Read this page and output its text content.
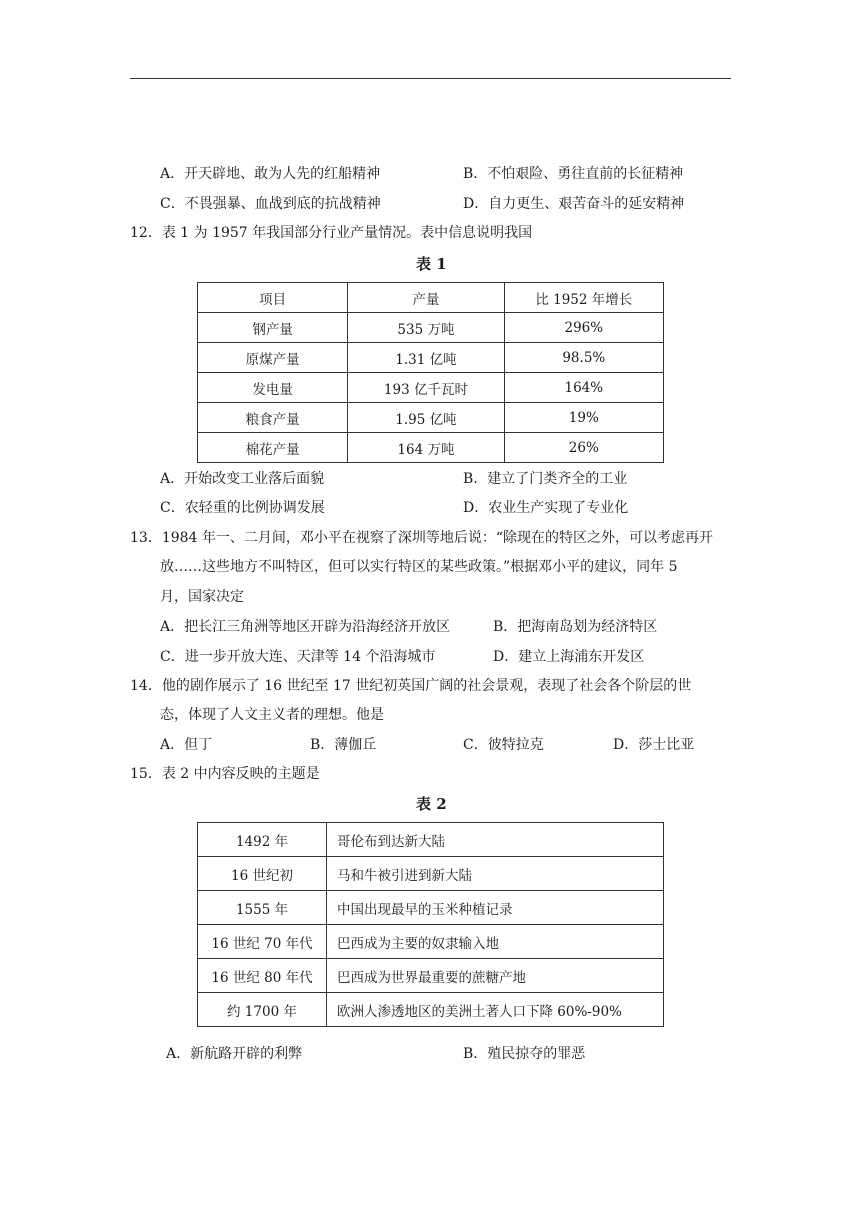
A．开天辟地、敢为人先的红船精神	B．不怕艰险、勇往直前的长征精神
C．不畏强暴、血战到底的抗战精神	D．自力更生、艰苦奋斗的延安精神
12．表 1 为 1957 年我国部分行业产量情况。表中信息说明我国
表 1
项目	产量	比 1952 年增长
钢产量	535 万吨	296%
原煤产量	1.31 亿吨	98.5%
发电量	193 亿千瓦时	164%
粮食产量	1.95 亿吨	19%
棉花产量	164 万吨	26%
A．开始改变工业落后面貌	B．建立了门类齐全的工业
C．农轻重的比例协调发展	D．农业生产实现了专业化
13．1984 年一、二月间，邓小平在视察了深圳等地后说：“除现在的特区之外，可以考虑再开
放……这些地方不叫特区，但可以实行特区的某些政策。”根据邓小平的建议，同年 5
月，国家决定
A．把长江三角洲等地区开辟为沿海经济开放区	B．把海南岛划为经济特区
C．进一步开放大连、天津等 14 个沿海城市	D．建立上海浦东开发区
14．他的剧作展示了 16 世纪至 17 世纪初英国广阔的社会景观，表现了社会各个阶层的世
态，体现了人文主义者的理想。他是
A．但丁	B．薄伽丘	C．彼特拉克	D．莎士比亚
15．表 2 中内容反映的主题是
表 2
1492 年	哥伦布到达新大陆
16 世纪初	马和牛被引进到新大陆
1555 年	中国出现最早的玉米种植记录
16 世纪 70 年代	巴西成为主要的奴隶输入地
16 世纪 80 年代	巴西成为世界最重要的蔗糖产地
约 1700 年	欧洲人渗透地区的美洲土著人口下降 60%-90%
A．新航路开辟的利弊	B．殖民掠夺的罪恶
